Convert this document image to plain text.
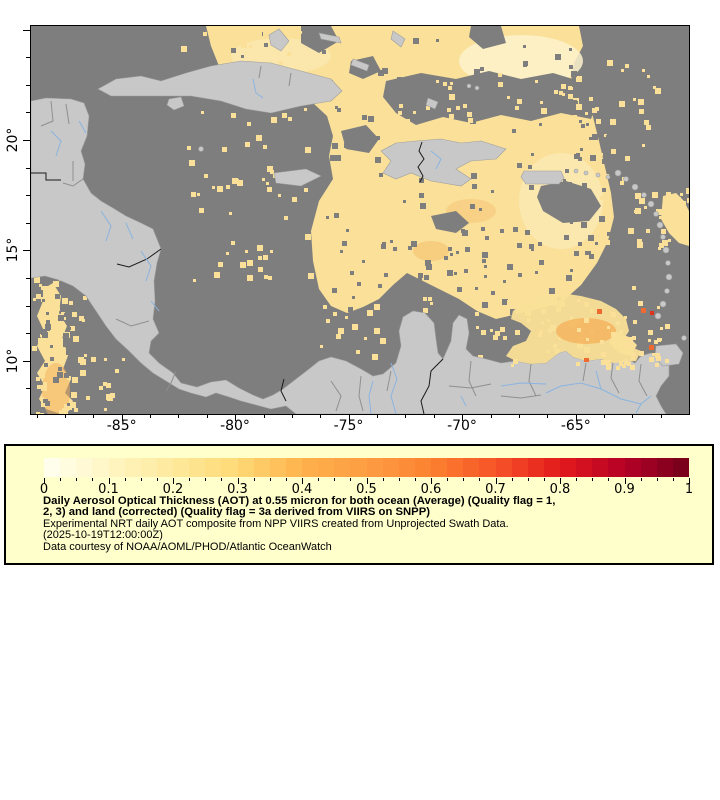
-85°	-80°	-75°	-70°	-65°
20°
15°
10°
0	0.1	0.2	0.3	0.4	0.5	0.6	0.7	0.8	0.9	1
Daily Aerosol Optical Thickness (AOT) at 0.55 micron for both ocean (Average) (Quality flag = 1,
2, 3) and land (corrected) (Quality flag = 3a derived from VIIRS on SNPP)
Experimental NRT daily AOT composite from NPP VIIRS created from Unprojected Swath Data.
(2025-10-19T12:00:00Z)
Data courtesy of NOAA/AOML/PHOD/Atlantic OceanWatch
